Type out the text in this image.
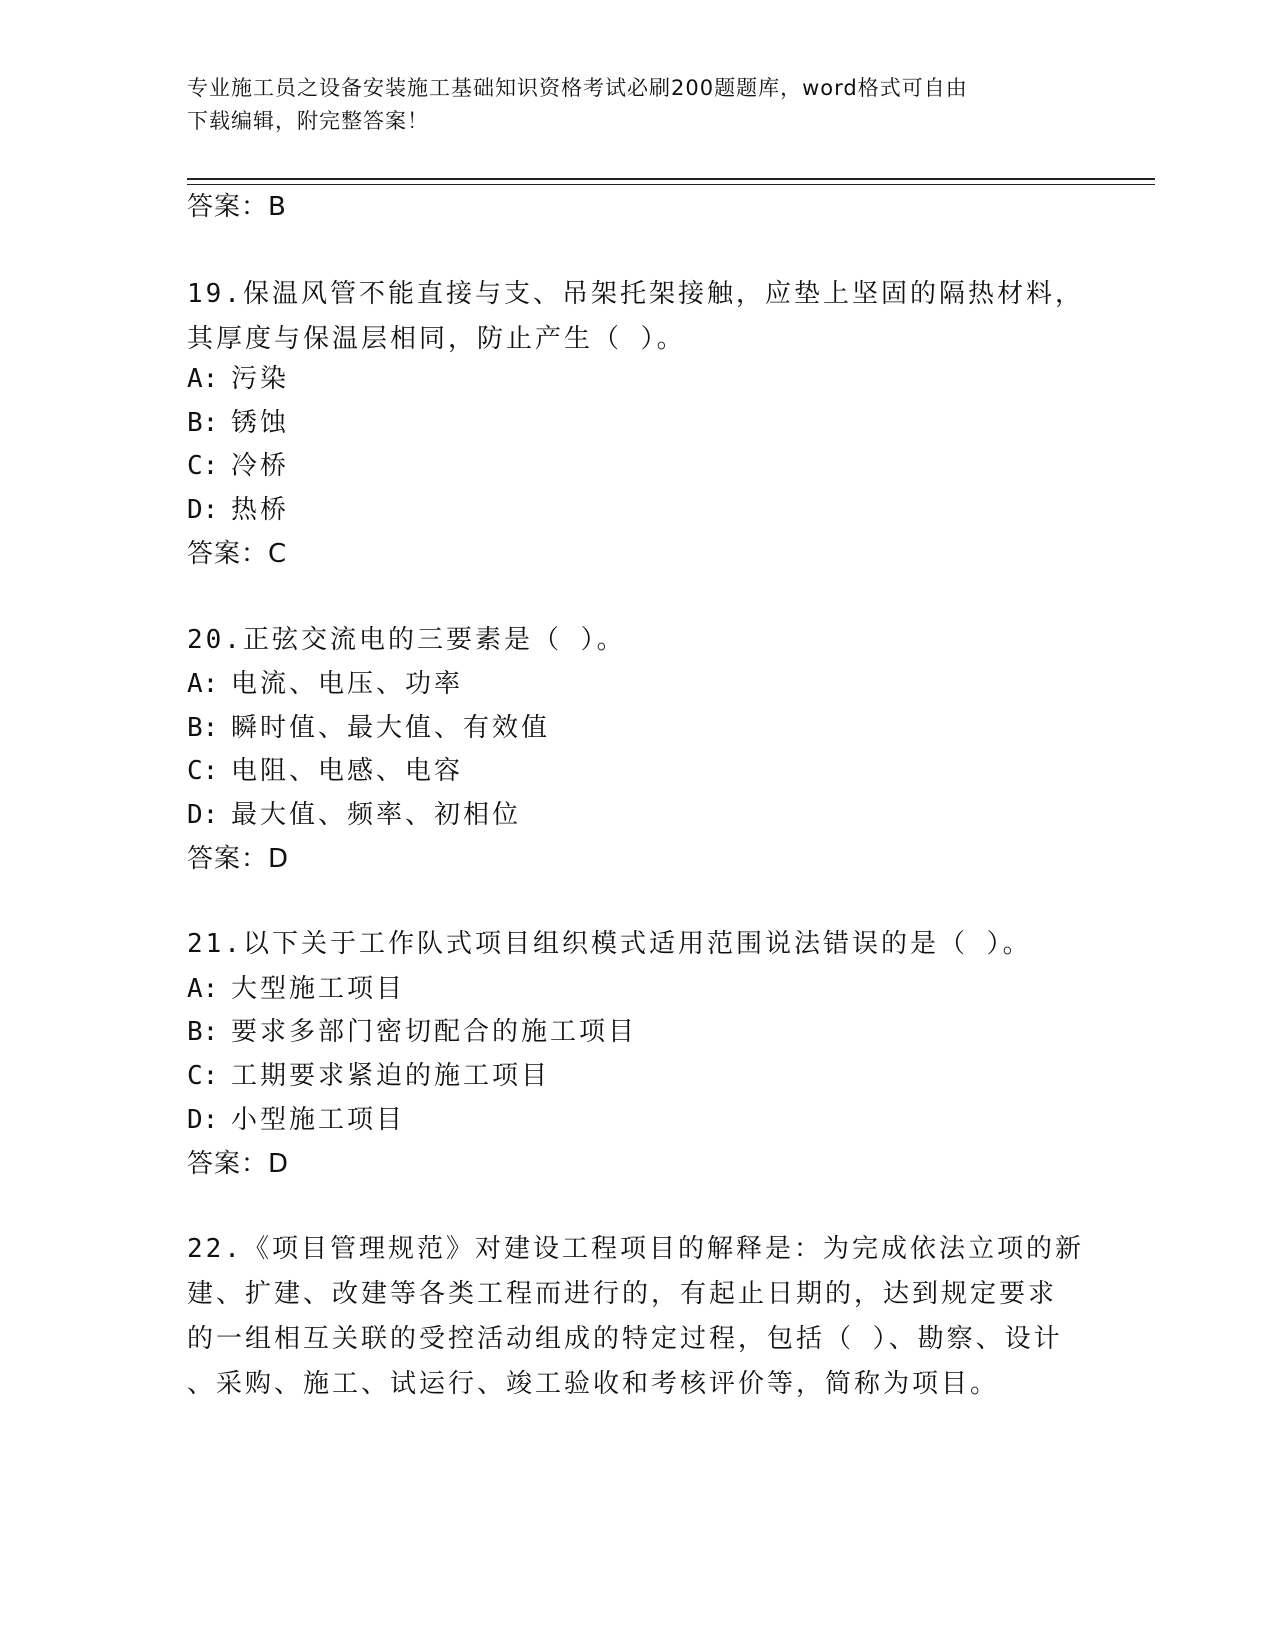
专业施工员之设备安装施工基础知识资格考试必刷200题题库，word格式可自由
下载编辑，附完整答案！
答案：B
19.保温风管不能直接与支、吊架托架接触，应垫上坚固的隔热材料，
其厚度与保温层相同，防止产生（ ）。
A: 污染
B: 锈蚀
C: 冷桥
D: 热桥
答案：C
20.正弦交流电的三要素是（ ）。
A: 电流、电压、功率
B: 瞬时值、最大值、有效值
C: 电阻、电感、电容
D: 最大值、频率、初相位
答案：D
21.以下关于工作队式项目组织模式适用范围说法错误的是（ ）。
A: 大型施工项目
B: 要求多部门密切配合的施工项目
C: 工期要求紧迫的施工项目
D: 小型施工项目
答案：D
22.《项目管理规范》对建设工程项目的解释是：为完成依法立项的新
建、扩建、改建等各类工程而进行的，有起止日期的，达到规定要求
的一组相互关联的受控活动组成的特定过程，包括（ ）、勘察、设计
、采购、施工、试运行、竣工验收和考核评价等，简称为项目。
